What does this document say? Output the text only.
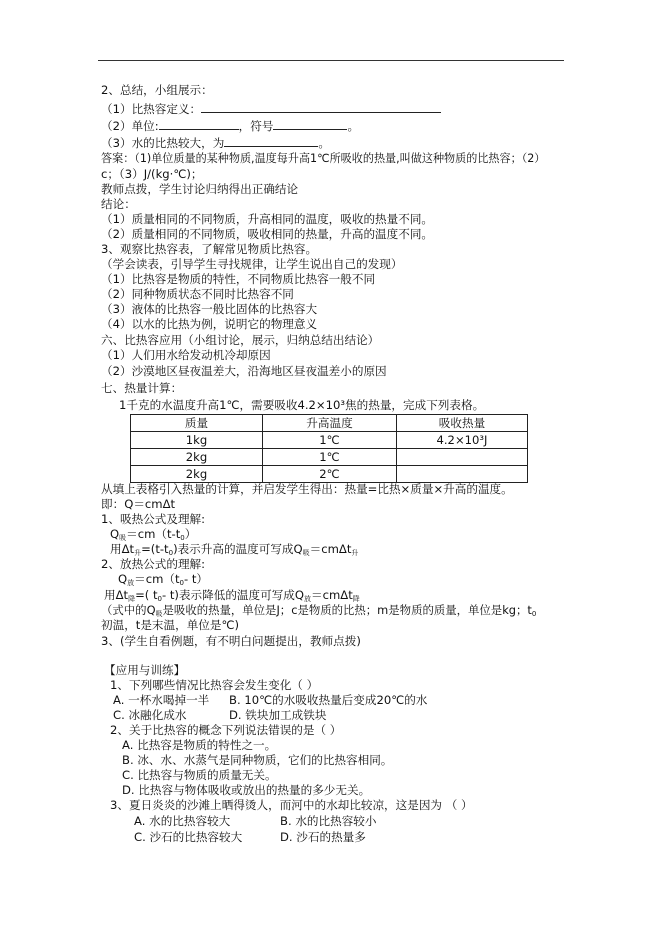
2、总结，小组展示：
（1）比热容定义：
（2）单位:	，符号	。
（3）水的比热较大，为	。
答案：（1)单位质量的某种物质,温度每升高1℃所吸收的热量,叫做这种物质的比热容；（2）
c；（3）J/(kg·℃)；
教师点拨，学生讨论归纳得出正确结论
结论：
（1）质量相同的不同物质，升高相同的温度，吸收的热量不同。
（2）质量相同的不同物质，吸收相同的热量，升高的温度不同。
3、观察比热容表，了解常见物质比热容。
（学会读表，引导学生寻找规律，让学生说出自己的发现）
（1）比热容是物质的特性，不同物质比热容一般不同
（2）同种物质状态不同时比热容不同
（3）液体的比热容一般比固体的比热容大
（4）以水的比热为例，说明它的物理意义
六、比热容应用（小组讨论，展示，归纳总结出结论）
（1）人们用水给发动机冷却原因
（2）沙漠地区昼夜温差大，沿海地区昼夜温差小的原因
七、热量计算：
1千克的水温度升高1℃，需要吸收4.2×10³焦的热量，完成下列表格。
质量	升高温度	吸收热量
1kg	1℃	4.2×10³J
2kg	1℃	
2kg	2℃	
从填上表格引入热量的计算，并启发学生得出：热量=比热×质量×升高的温度。
即：Q＝cmΔt
1、吸热公式及理解:
$Q_吸=cm(t-t_0)$
用$\Delta t_升=(t-t_0)$表示升高的温度可写成$Q_吸=cm\Delta t_升$
2、放热公式的理解:
$Q_放=cm(t_0-$ t）
用$\Delta t_降=$( $t_0-$ t)表示降低的温度可写成$Q_放=cm\Delta t_降$
（式中的$Q_吸$是吸收的热量，单位是J；c是物质的比热；m是物质的质量，单位是kg；$t_0$
初温，t是末温，单位是℃)
3、(学生自看例题，有不明白问题提出，教师点拨)
【应用与训练】
1、下列哪些情况比热容会发生变化（ ）
A. 一杯水喝掉一半 B. 10℃的水吸收热量后变成20℃的水
C. 冰融化成水	D. 铁块加工成铁块
2、关于比热容的概念下列说法错误的是（ ）
A. 比热容是物质的特性之一。
B. 冰、水、水蒸气是同种物质，它们的比热容相同。
C. 比热容与物质的质量无关。
D. 比热容与物体吸收或放出的热量的多少无关。
3、夏日炎炎的沙滩上晒得烫人，而河中的水却比较凉，这是因为 （ ）
A. 水的比热容较大	B. 水的比热容较小
C. 沙石的比热容较大	D. 沙石的热量多
